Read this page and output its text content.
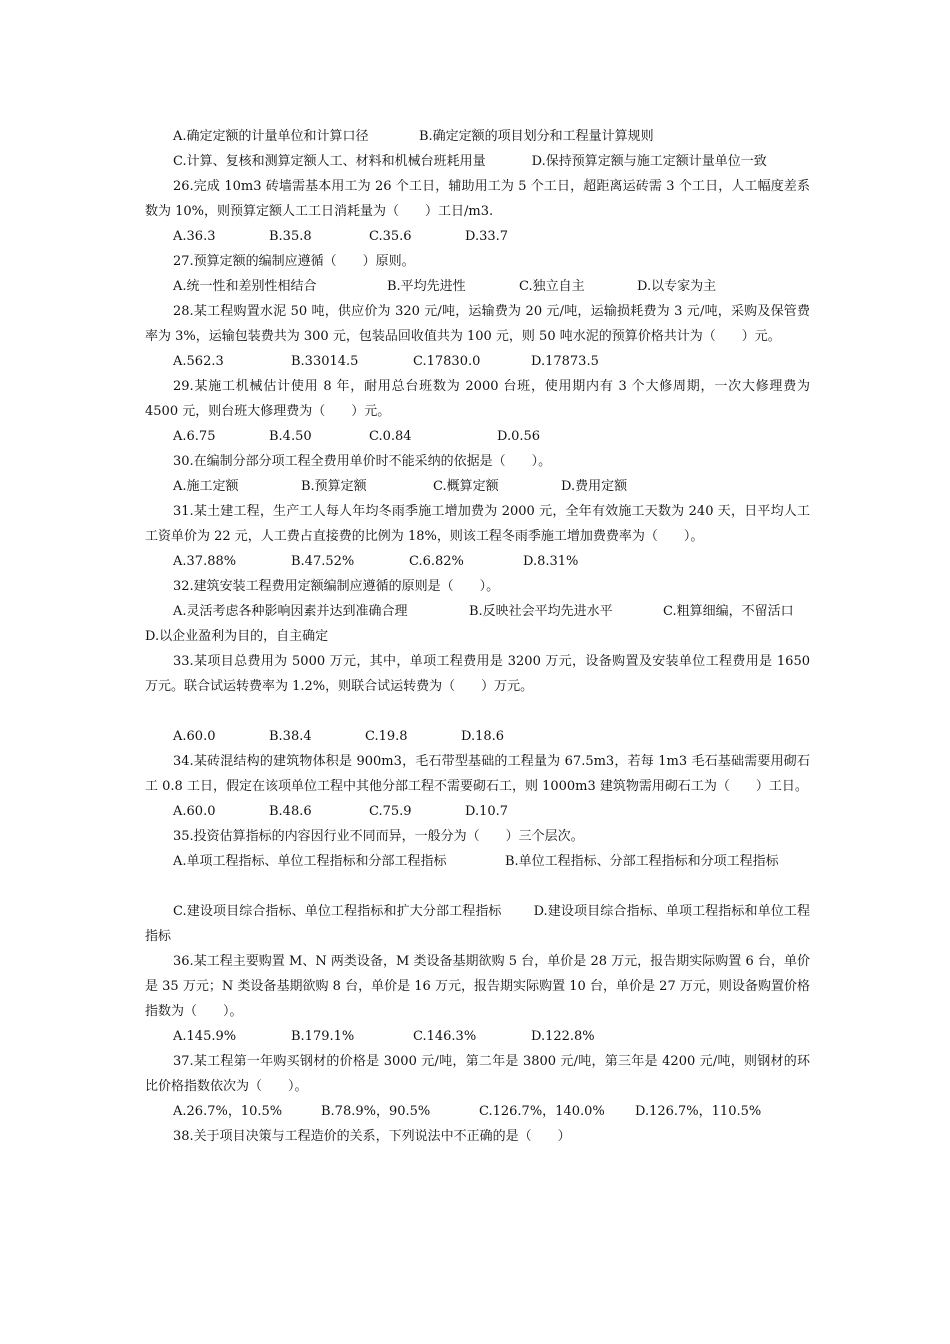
A.确定定额的计量单位和计算口径	B.确定定额的项目划分和工程量计算规则

C.计算、复核和测算定额人工、材料和机械台班耗用量	D.保持预算定额与施工定额计量单位一致

26.完成 10m3 砖墙需基本用工为 26 个工日，辅助用工为 5 个工日，超距离运砖需 3 个工日，人工幅度差系数为 10%，则预算定额人工工日消耗量为（　　）工日/m3.

A.36.3	B.35.8	C.35.6	D.33.7

27.预算定额的编制应遵循（　　）原则。

A.统一性和差别性相结合	B.平均先进性	C.独立自主	D.以专家为主

28.某工程购置水泥 50 吨，供应价为 320 元/吨，运输费为 20 元/吨，运输损耗费为 3 元/吨，采购及保管费率为 3%，运输包装费共为 300 元，包装品回收值共为 100 元，则 50 吨水泥的预算价格共计为（　　）元。

A.562.3	B.33014.5	C.17830.0	D.17873.5

29.某施工机械估计使用 8 年，耐用总台班数为 2000 台班，使用期内有 3 个大修周期，一次大修理费为 4500 元，则台班大修理费为（　　）元。

A.6.75	B.4.50	C.0.84	D.0.56

30.在编制分部分项工程全费用单价时不能采纳的依据是（　　）。

A.施工定额	B.预算定额	C.概算定额	D.费用定额

31.某土建工程，生产工人每人年均冬雨季施工增加费为 2000 元，全年有效施工天数为 240 天，日平均人工工资单价为 22 元，人工费占直接费的比例为 18%，则该工程冬雨季施工增加费费率为（　　）。

A.37.88%	B.47.52%	C.6.82%	D.8.31%

32.建筑安装工程费用定额编制应遵循的原则是（　　）。

A.灵活考虑各种影响因素并达到准确合理	B.反映社会平均先进水平	C.粗算细编，不留活口
D.以企业盈利为目的，自主确定

33.某项目总费用为 5000 万元，其中，单项工程费用是 3200 万元，设备购置及安装单位工程费用是 1650 万元。联合试运转费率为 1.2%，则联合试运转费为（　　）万元。

A.60.0	B.38.4	C.19.8	D.18.6

34.某砖混结构的建筑物体积是 900m3，毛石带型基础的工程量为 67.5m3，若每 1m3 毛石基础需要用砌石工 0.8 工日，假定在该项单位工程中其他分部工程不需要砌石工，则 1000m3 建筑物需用砌石工为（　　）工日。

A.60.0	B.48.6	C.75.9	D.10.7

35.投资估算指标的内容因行业不同而异，一般分为（　　）三个层次。

A.单项工程指标、单位工程指标和分部工程指标	B.单位工程指标、分部工程指标和分项工程指标

C.建设项目综合指标、单位工程指标和扩大分部工程指标 D.建设项目综合指标、单项工程指标和单位工程指标

36.某工程主要购置 M、N 两类设备，M 类设备基期欲购 5 台，单价是 28 万元，报告期实际购置 6 台，单价是 35 万元；N 类设备基期欲购 8 台，单价是 16 万元，报告期实际购置 10 台，单价是 27 万元，则设备购置价格指数为（　　）。

A.145.9%	B.179.1%	C.146.3%	D.122.8%

37.某工程第一年购买钢材的价格是 3000 元/吨，第二年是 3800 元/吨，第三年是 4200 元/吨，则钢材的环比价格指数依次为（　　）。

A.26.7%，10.5%	B.78.9%，90.5%	C.126.7%，140.0%	D.126.7%，110.5%

38.关于项目决策与工程造价的关系，下列说法中不正确的是（　　）
